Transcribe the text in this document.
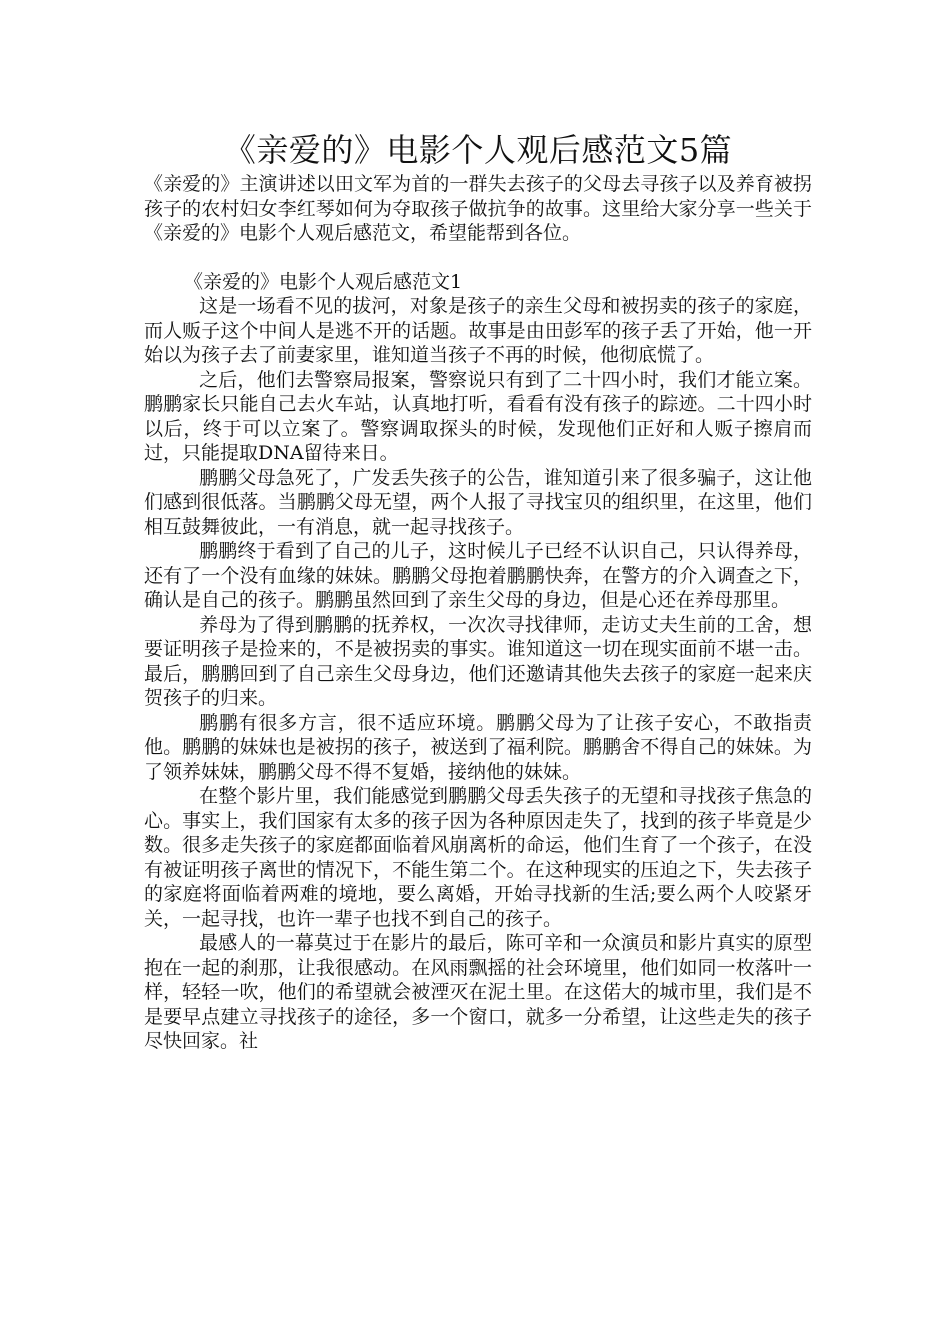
《亲爱的》电影个人观后感范文5篇

《亲爱的》主演讲述以田文军为首的一群失去孩子的父母去寻孩子以及养育被拐孩子的农村妇女李红琴如何为夺取孩子做抗争的故事。这里给大家分享一些关于《亲爱的》电影个人观后感范文，希望能帮到各位。

《亲爱的》电影个人观后感范文1

这是一场看不见的拔河，对象是孩子的亲生父母和被拐卖的孩子的家庭，而人贩子这个中间人是逃不开的话题。故事是由田彭军的孩子丢了开始，他一开始以为孩子去了前妻家里，谁知道当孩子不再的时候，他彻底慌了。

之后，他们去警察局报案，警察说只有到了二十四小时，我们才能立案。鹏鹏家长只能自己去火车站，认真地打听，看看有没有孩子的踪迹。二十四小时以后，终于可以立案了。警察调取探头的时候，发现他们正好和人贩子擦肩而过，只能提取DNA留待来日。

鹏鹏父母急死了，广发丢失孩子的公告，谁知道引来了很多骗子，这让他们感到很低落。当鹏鹏父母无望，两个人报了寻找宝贝的组织里，在这里，他们相互鼓舞彼此，一有消息，就一起寻找孩子。

鹏鹏终于看到了自己的儿子，这时候儿子已经不认识自己，只认得养母，还有了一个没有血缘的妹妹。鹏鹏父母抱着鹏鹏快奔，在警方的介入调查之下，确认是自己的孩子。鹏鹏虽然回到了亲生父母的身边，但是心还在养母那里。

养母为了得到鹏鹏的抚养权，一次次寻找律师，走访丈夫生前的工舍，想要证明孩子是捡来的，不是被拐卖的事实。谁知道这一切在现实面前不堪一击。最后，鹏鹏回到了自己亲生父母身边，他们还邀请其他失去孩子的家庭一起来庆贺孩子的归来。

鹏鹏有很多方言，很不适应环境。鹏鹏父母为了让孩子安心，不敢指责他。鹏鹏的妹妹也是被拐的孩子，被送到了福利院。鹏鹏舍不得自己的妹妹。为了领养妹妹，鹏鹏父母不得不复婚，接纳他的妹妹。

在整个影片里，我们能感觉到鹏鹏父母丢失孩子的无望和寻找孩子焦急的心。事实上，我们国家有太多的孩子因为各种原因走失了，找到的孩子毕竟是少数。很多走失孩子的家庭都面临着风崩离析的命运，他们生育了一个孩子，在没有被证明孩子离世的情况下，不能生第二个。在这种现实的压迫之下，失去孩子的家庭将面临着两难的境地，要么离婚，开始寻找新的生活;要么两个人咬紧牙关，一起寻找，也许一辈子也找不到自己的孩子。

最感人的一幕莫过于在影片的最后，陈可辛和一众演员和影片真实的原型抱在一起的刹那，让我很感动。在风雨飘摇的社会环境里，他们如同一枚落叶一样，轻轻一吹，他们的希望就会被湮灭在泥土里。在这偌大的城市里，我们是不是要早点建立寻找孩子的途径，多一个窗口，就多一分希望，让这些走失的孩子尽快回家。社
